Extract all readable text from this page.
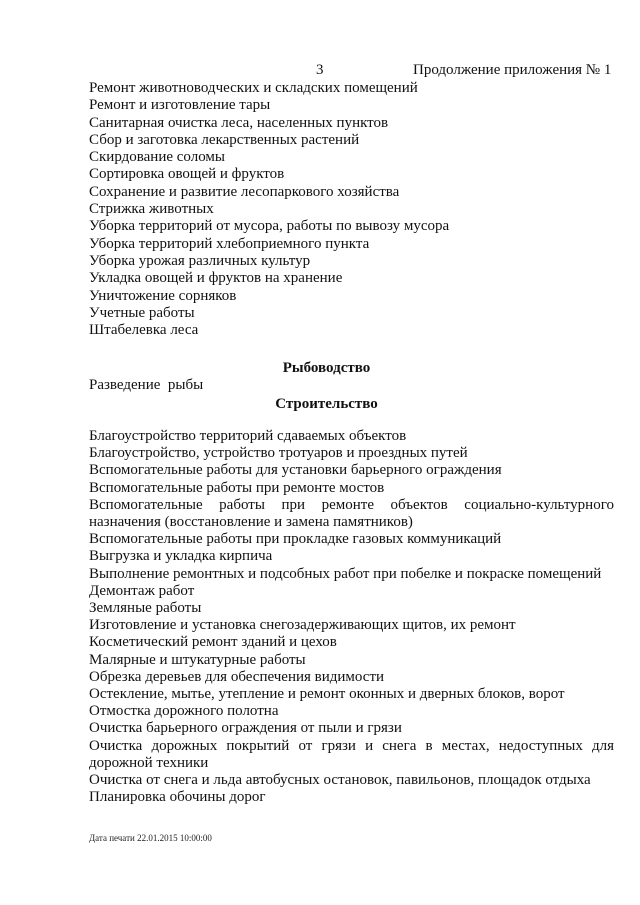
3	Продолжение приложения № 1
Ремонт животноводческих и складских помещений
Ремонт и изготовление тары
Санитарная очистка леса, населенных пунктов
Сбор и заготовка лекарственных растений
Скирдование соломы
Сортировка овощей и фруктов
Сохранение и развитие лесопаркового хозяйства
Стрижка животных
Уборка территорий от мусора, работы по вывозу мусора
Уборка территорий хлебоприемного пункта
Уборка урожая различных культур
Укладка овощей и фруктов на хранение
Уничтожение сорняков
Учетные работы
Штабелевка леса
Рыбоводство
Разведение  рыбы
Строительство
Благоустройство территорий сдаваемых объектов
Благоустройство, устройство тротуаров и проездных путей
Вспомогательные работы для установки барьерного ограждения
Вспомогательные работы при ремонте мостов
Вспомогательные работы при ремонте объектов социально-культурного назначения (восстановление и замена памятников)
Вспомогательные работы при прокладке газовых коммуникаций
Выгрузка и укладка кирпича
Выполнение ремонтных и подсобных работ при побелке и покраске помещений
Демонтаж работ
Земляные работы
Изготовление и установка снегозадерживающих щитов, их ремонт
Косметический ремонт зданий и цехов
Малярные и штукатурные работы
Обрезка деревьев для обеспечения видимости
Остекление, мытье, утепление и ремонт оконных и дверных блоков, ворот
Отмостка дорожного полотна
Очистка барьерного ограждения от пыли и грязи
Очистка дорожных покрытий от грязи и снега в местах, недоступных для дорожной техники
Очистка от снега и льда автобусных остановок, павильонов, площадок отдыха
Планировка обочины дорог
Дата печати 22.01.2015 10:00:00
